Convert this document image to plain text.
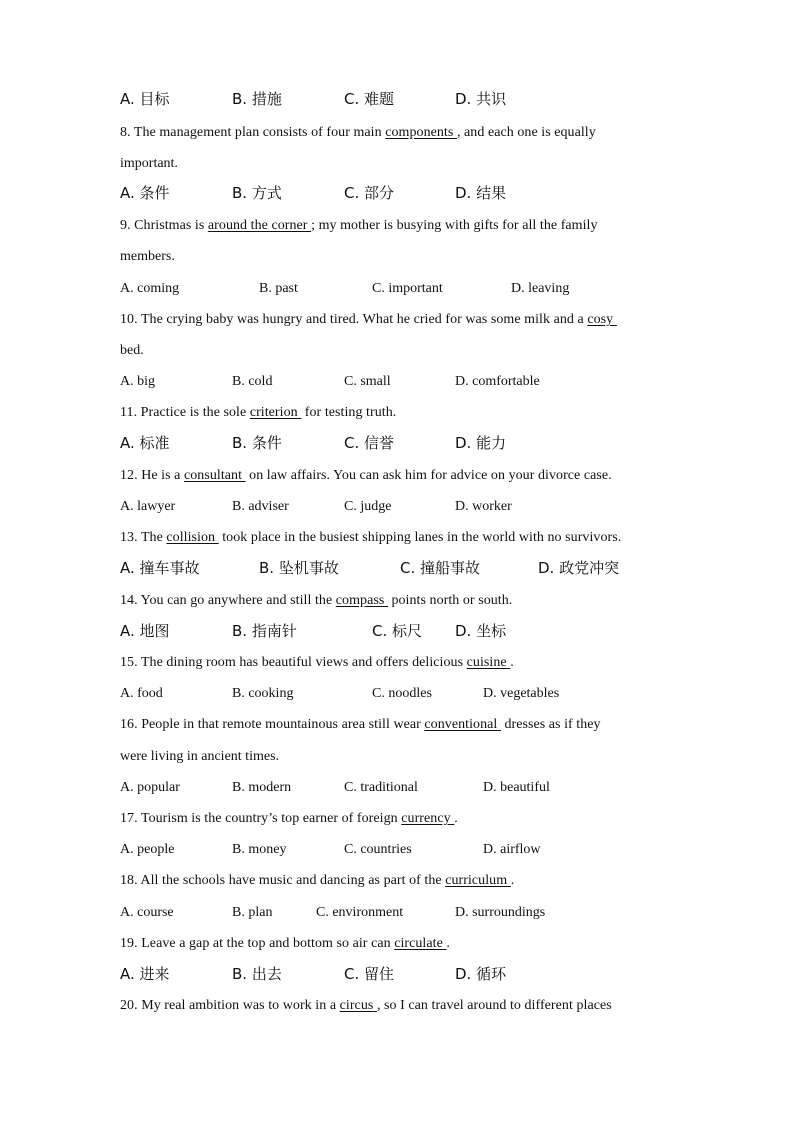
A. 目标	B. 措施	C. 难题	D. 共识
8. The management plan consists of four main components , and each one is equally
important.
A. 条件	B. 方式	C. 部分	D. 结果
9. Christmas is around the corner ; my mother is busying with gifts for all the family
members.
A. coming	B. past	C. important	D. leaving
10. The crying baby was hungry and tired. What he cried for was some milk and a cosy
bed.
A. big	B. cold	C. small	D. comfortable
11. Practice is the sole criterion for testing truth.
A. 标准	B. 条件	C. 信誉	D. 能力
12. He is a consultant on law affairs. You can ask him for advice on your divorce case.
A. lawyer	B. adviser	C. judge	D. worker
13. The collision took place in the busiest shipping lanes in the world with no survivors.
A. 撞车事故	B. 坠机事故	C. 撞船事故	D. 政党冲突
14. You can go anywhere and still the compass points north or south.
A. 地图	B. 指南针	C. 标尺 D. 坐标
15. The dining room has beautiful views and offers delicious cuisine .
A. food	B. cooking	C. noodles	D. vegetables
16. People in that remote mountainous area still wear conventional dresses as if they
were living in ancient times.
A. popular	B. modern	C. traditional	D. beautiful
17. Tourism is the country’s top earner of foreign currency .
A. people	B. money	C. countries	D. airflow
18. All the schools have music and dancing as part of the curriculum .
A. course	B. plan	C. environment	D. surroundings
19. Leave a gap at the top and bottom so air can circulate .
A. 进来	B. 出去	C. 留住	D. 循环
20. My real ambition was to work in a circus , so I can travel around to different places
